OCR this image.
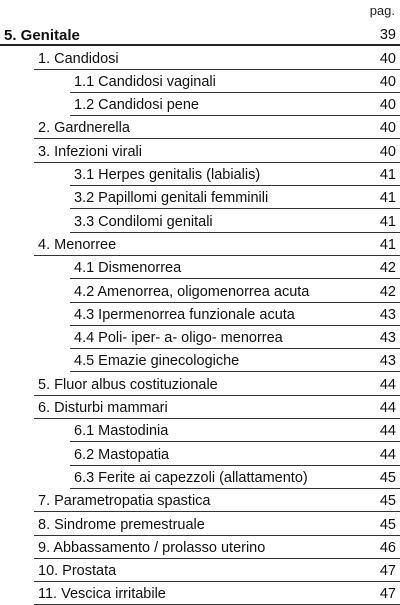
pag.
5. Genitale	39
1. Candidosi	40
1.1 Candidosi vaginali	40
1.2 Candidosi pene	40
2. Gardnerella	40
3. Infezioni virali	40
3.1 Herpes genitalis (labialis)	41
3.2 Papillomi genitali femminili	41
3.3 Condilomi genitali	41
4. Menorree	41
4.1 Dismenorrea	42
4.2 Amenorrea, oligomenorrea acuta	42
4.3 Ipermenorrea funzionale acuta	43
4.4 Poli- iper- a- oligo- menorrea	43
4.5 Emazie ginecologiche	43
5. Fluor albus costituzionale	44
6. Disturbi mammari	44
6.1 Mastodinia	44
6.2 Mastopatia	44
6.3 Ferite ai capezzoli (allattamento)	45
7. Parametropatia spastica	45
8. Sindrome premestruale	45
9. Abbassamento / prolasso uterino	46
10. Prostata	47
11. Vescica irritabile	47
